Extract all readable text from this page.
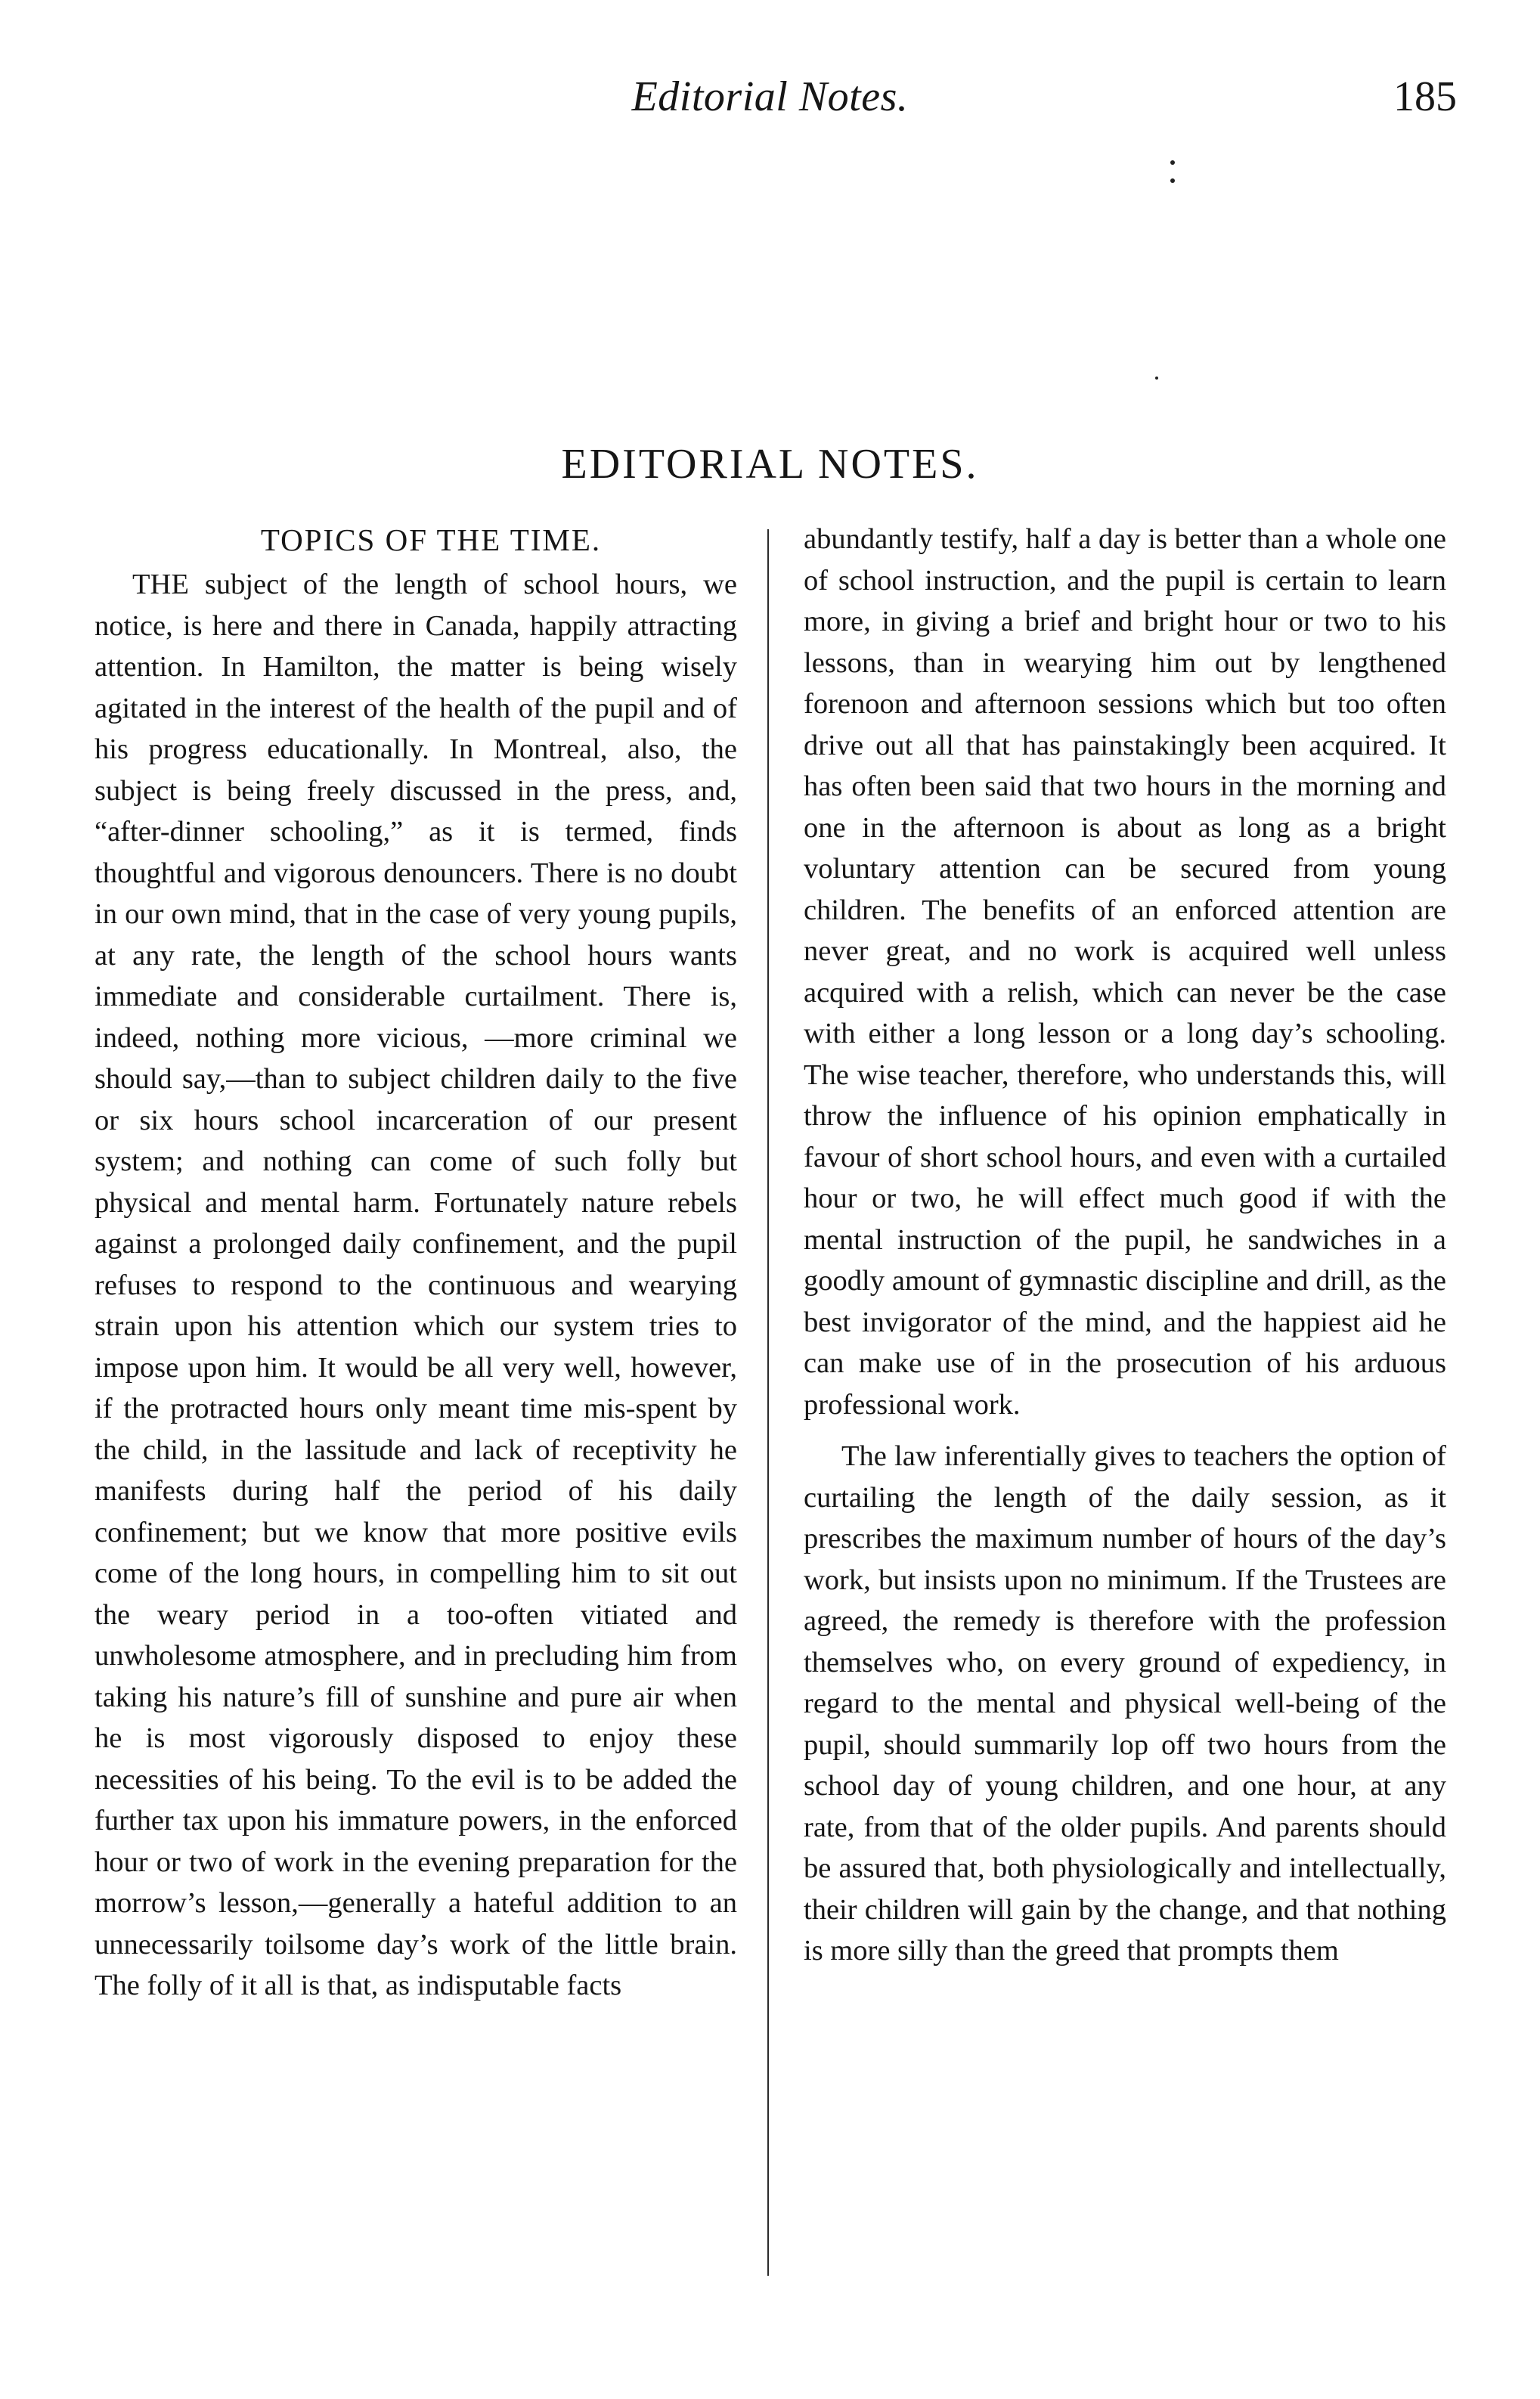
Editorial Notes.	185
EDITORIAL NOTES.
TOPICS OF THE TIME.

THE subject of the length of school hours, we notice, is here and there in Canada, happily attracting attention. In Hamilton, the matter is being wisely agitated in the interest of the health of the pupil and of his progress educationally. In Montreal, also, the subject is being freely discussed in the press, and, “after-dinner schooling,” as it is termed, finds thoughtful and vigorous denouncers. There is no doubt in our own mind, that in the case of very young pupils, at any rate, the length of the school hours wants immediate and considerable curtailment. There is, indeed, nothing more vicious, —more criminal we should say,—than to subject children daily to the five or six hours school incarceration of our present system; and nothing can come of such folly but physical and mental harm. Fortunately nature rebels against a prolonged daily confinement, and the pupil refuses to respond to the continuous and wearying strain upon his attention which our system tries to impose upon him. It would be all very well, however, if the protracted hours only meant time mis-spent by the child, in the lassitude and lack of receptivity he manifests during half the period of his daily confinement; but we know that more positive evils come of the long hours, in compelling him to sit out the weary period in a too-often vitiated and unwholesome atmosphere, and in precluding him from taking his nature’s fill of sunshine and pure air when he is most vigorously disposed to enjoy these necessities of his being. To the evil is to be added the further tax upon his immature powers, in the enforced hour or two of work in the evening preparation for the morrow’s lesson,—generally a hateful addition to an unnecessarily toilsome day’s work of the little brain. The folly of it all is that, as indisputable facts

abundantly testify, half a day is better than a whole one of school instruction, and the pupil is certain to learn more, in giving a brief and bright hour or two to his lessons, than in wearying him out by lengthened forenoon and afternoon sessions which but too often drive out all that has painstakingly been acquired. It has often been said that two hours in the morning and one in the afternoon is about as long as a bright voluntary attention can be secured from young children. The benefits of an enforced attention are never great, and no work is acquired well unless acquired with a relish, which can never be the case with either a long lesson or a long day’s schooling. The wise teacher, therefore, who understands this, will throw the influence of his opinion emphatically in favour of short school hours, and even with a curtailed hour or two, he will effect much good if with the mental instruction of the pupil, he sandwiches in a goodly amount of gymnastic discipline and drill, as the best invigorator of the mind, and the happiest aid he can make use of in the prosecution of his arduous professional work.

The law inferentially gives to teachers the option of curtailing the length of the daily session, as it prescribes the maximum number of hours of the day’s work, but insists upon no minimum. If the Trustees are agreed, the remedy is therefore with the profession themselves who, on every ground of expediency, in regard to the mental and physical well-being of the pupil, should summarily lop off two hours from the school day of young children, and one hour, at any rate, from that of the older pupils. And parents should be assured that, both physiologically and intellectually, their children will gain by the change, and that nothing is more silly than the greed that prompts them
